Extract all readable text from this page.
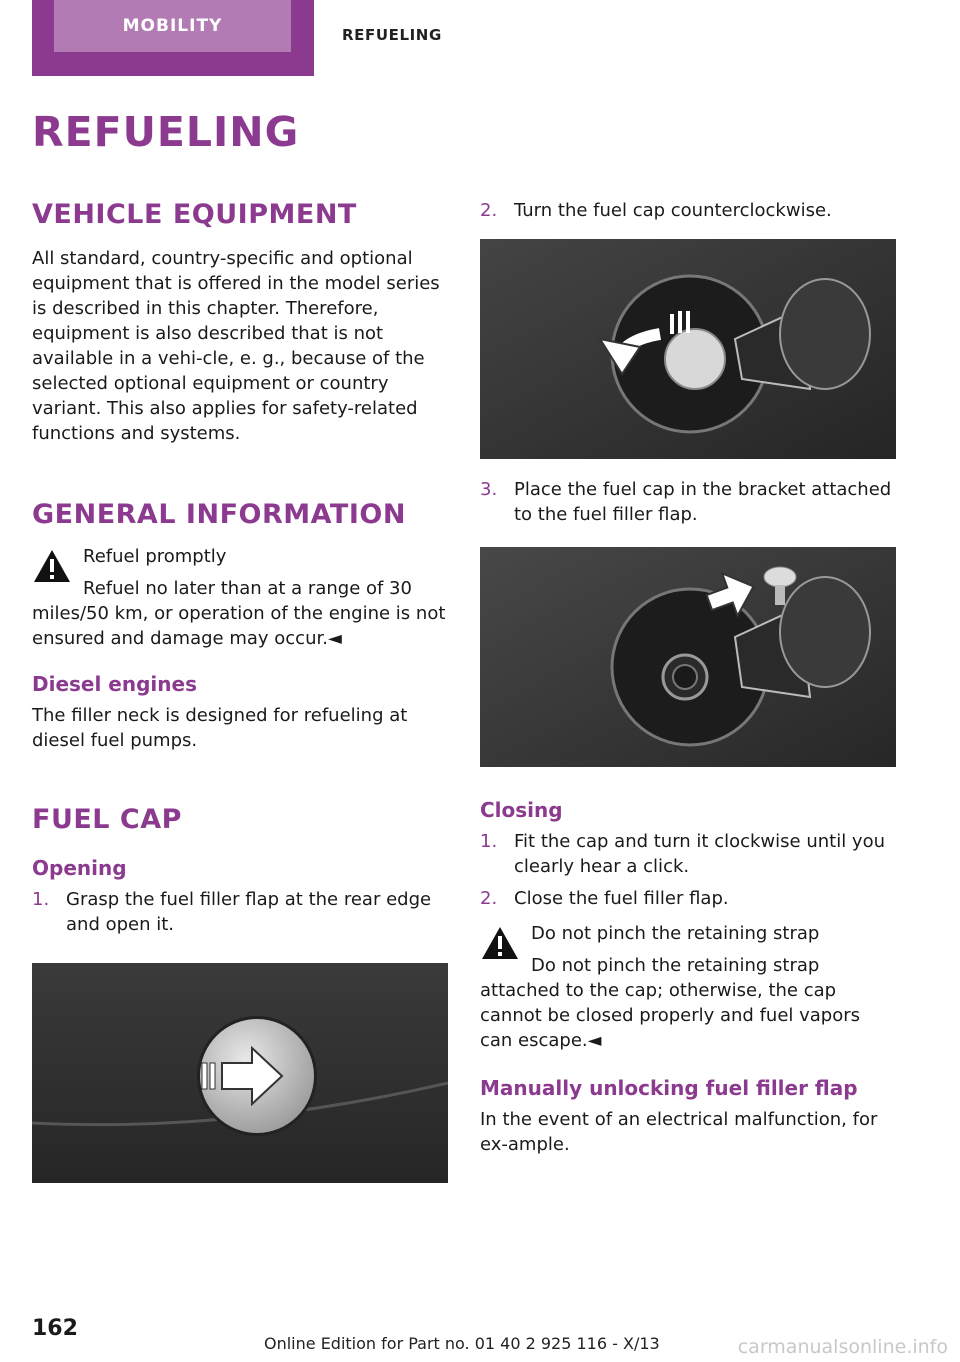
MOBILITY	REFUELING
REFUELING
VEHICLE EQUIPMENT

All standard, country-specific and optional equipment that is offered in the model series is described in this chapter. Therefore, equipment is also described that is not available in a vehi-cle, e. g., because of the selected optional equipment or country variant. This also applies for safety-related functions and systems.

GENERAL INFORMATION
Refuel promptly
Refuel no later than at a range of 30 miles/50 km, or operation of the engine is not ensured and damage may occur.◄
Diesel engines

The filler neck is designed for refueling at diesel fuel pumps.

FUEL CAP
Opening
1. Grasp the fuel filler flap at the rear edge and open it.
2. Turn the fuel cap counterclockwise.
3. Place the fuel cap in the bracket attached to the fuel filler flap.
Closing
1. Fit the cap and turn it clockwise until you clearly hear a click.
2. Close the fuel filler flap.
Do not pinch the retaining strap
Do not pinch the retaining strap attached to the cap; otherwise, the cap cannot be closed properly and fuel vapors can escape.◄
Manually unlocking fuel filler flap

In the event of an electrical malfunction, for ex-ample.

162
Online Edition for Part no. 01 40 2 925 116 - X/13	carmanualsonline.info
